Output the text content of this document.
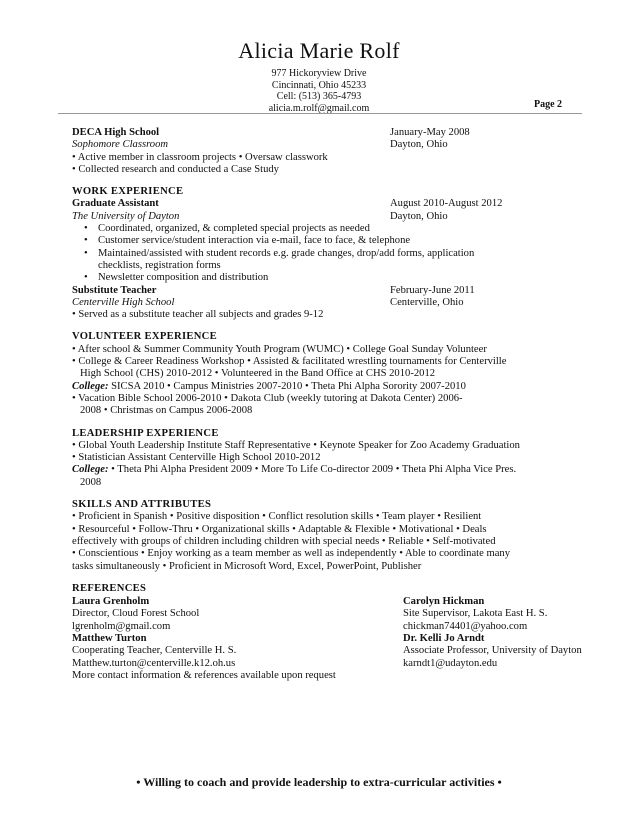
Alicia Marie Rolf
977 Hickoryview Drive
Cincinnati, Ohio 45233
Cell: (513) 365-4793
alicia.m.rolf@gmail.com	Page 2
DECA High School	January-May 2008
Sophomore Classroom	Dayton, Ohio
• Active member in classroom projects • Oversaw classwork
• Collected research and conducted a Case Study
WORK EXPERIENCE
Graduate Assistant	August 2010-August 2012
The University of Dayton	Dayton, Ohio
• Coordinated, organized, & completed special projects as needed
• Customer service/student interaction via e-mail, face to face, & telephone
• Maintained/assisted with student records e.g. grade changes, drop/add forms, application
checklists, registration forms
• Newsletter composition and distribution
Substitute Teacher	February-June 2011
Centerville High School	Centerville, Ohio
• Served as a substitute teacher all subjects and grades 9-12
VOLUNTEER EXPERIENCE
• After school & Summer Community Youth Program (WUMC) • College Goal Sunday Volunteer
• College & Career Readiness Workshop • Assisted & facilitated wrestling tournaments for Centerville
High School (CHS) 2010-2012 • Volunteered in the Band Office at CHS 2010-2012
College: SICSA 2010 • Campus Ministries 2007-2010 • Theta Phi Alpha Sorority 2007-2010
• Vacation Bible School 2006-2010 • Dakota Club (weekly tutoring at Dakota Center) 2006-
2008 • Christmas on Campus 2006-2008
LEADERSHIP EXPERIENCE
• Global Youth Leadership Institute Staff Representative • Keynote Speaker for Zoo Academy Graduation
• Statistician Assistant Centerville High School 2010-2012
College: • Theta Phi Alpha President 2009 • More To Life Co-director 2009 • Theta Phi Alpha Vice Pres.
2008
SKILLS AND ATTRIBUTES
• Proficient in Spanish • Positive disposition • Conflict resolution skills • Team player • Resilient
• Resourceful • Follow-Thru • Organizational skills • Adaptable & Flexible • Motivational • Deals
effectively with groups of children including children with special needs • Reliable • Self-motivated
• Conscientious • Enjoy working as a team member as well as independently • Able to coordinate many
tasks simultaneously • Proficient in Microsoft Word, Excel, PowerPoint, Publisher
REFERENCES
Laura Grenholm
Director, Cloud Forest School
lgrenholm@gmail.com
Matthew Turton
Cooperating Teacher, Centerville H. S.
Matthew.turton@centerville.k12.oh.us
Carolyn Hickman
Site Supervisor, Lakota East H. S.
chickman74401@yahoo.com
Dr. Kelli Jo Arndt
Associate Professor, University of Dayton
karndt1@udayton.edu
More contact information & references available upon request
• Willing to coach and provide leadership to extra-curricular activities •
